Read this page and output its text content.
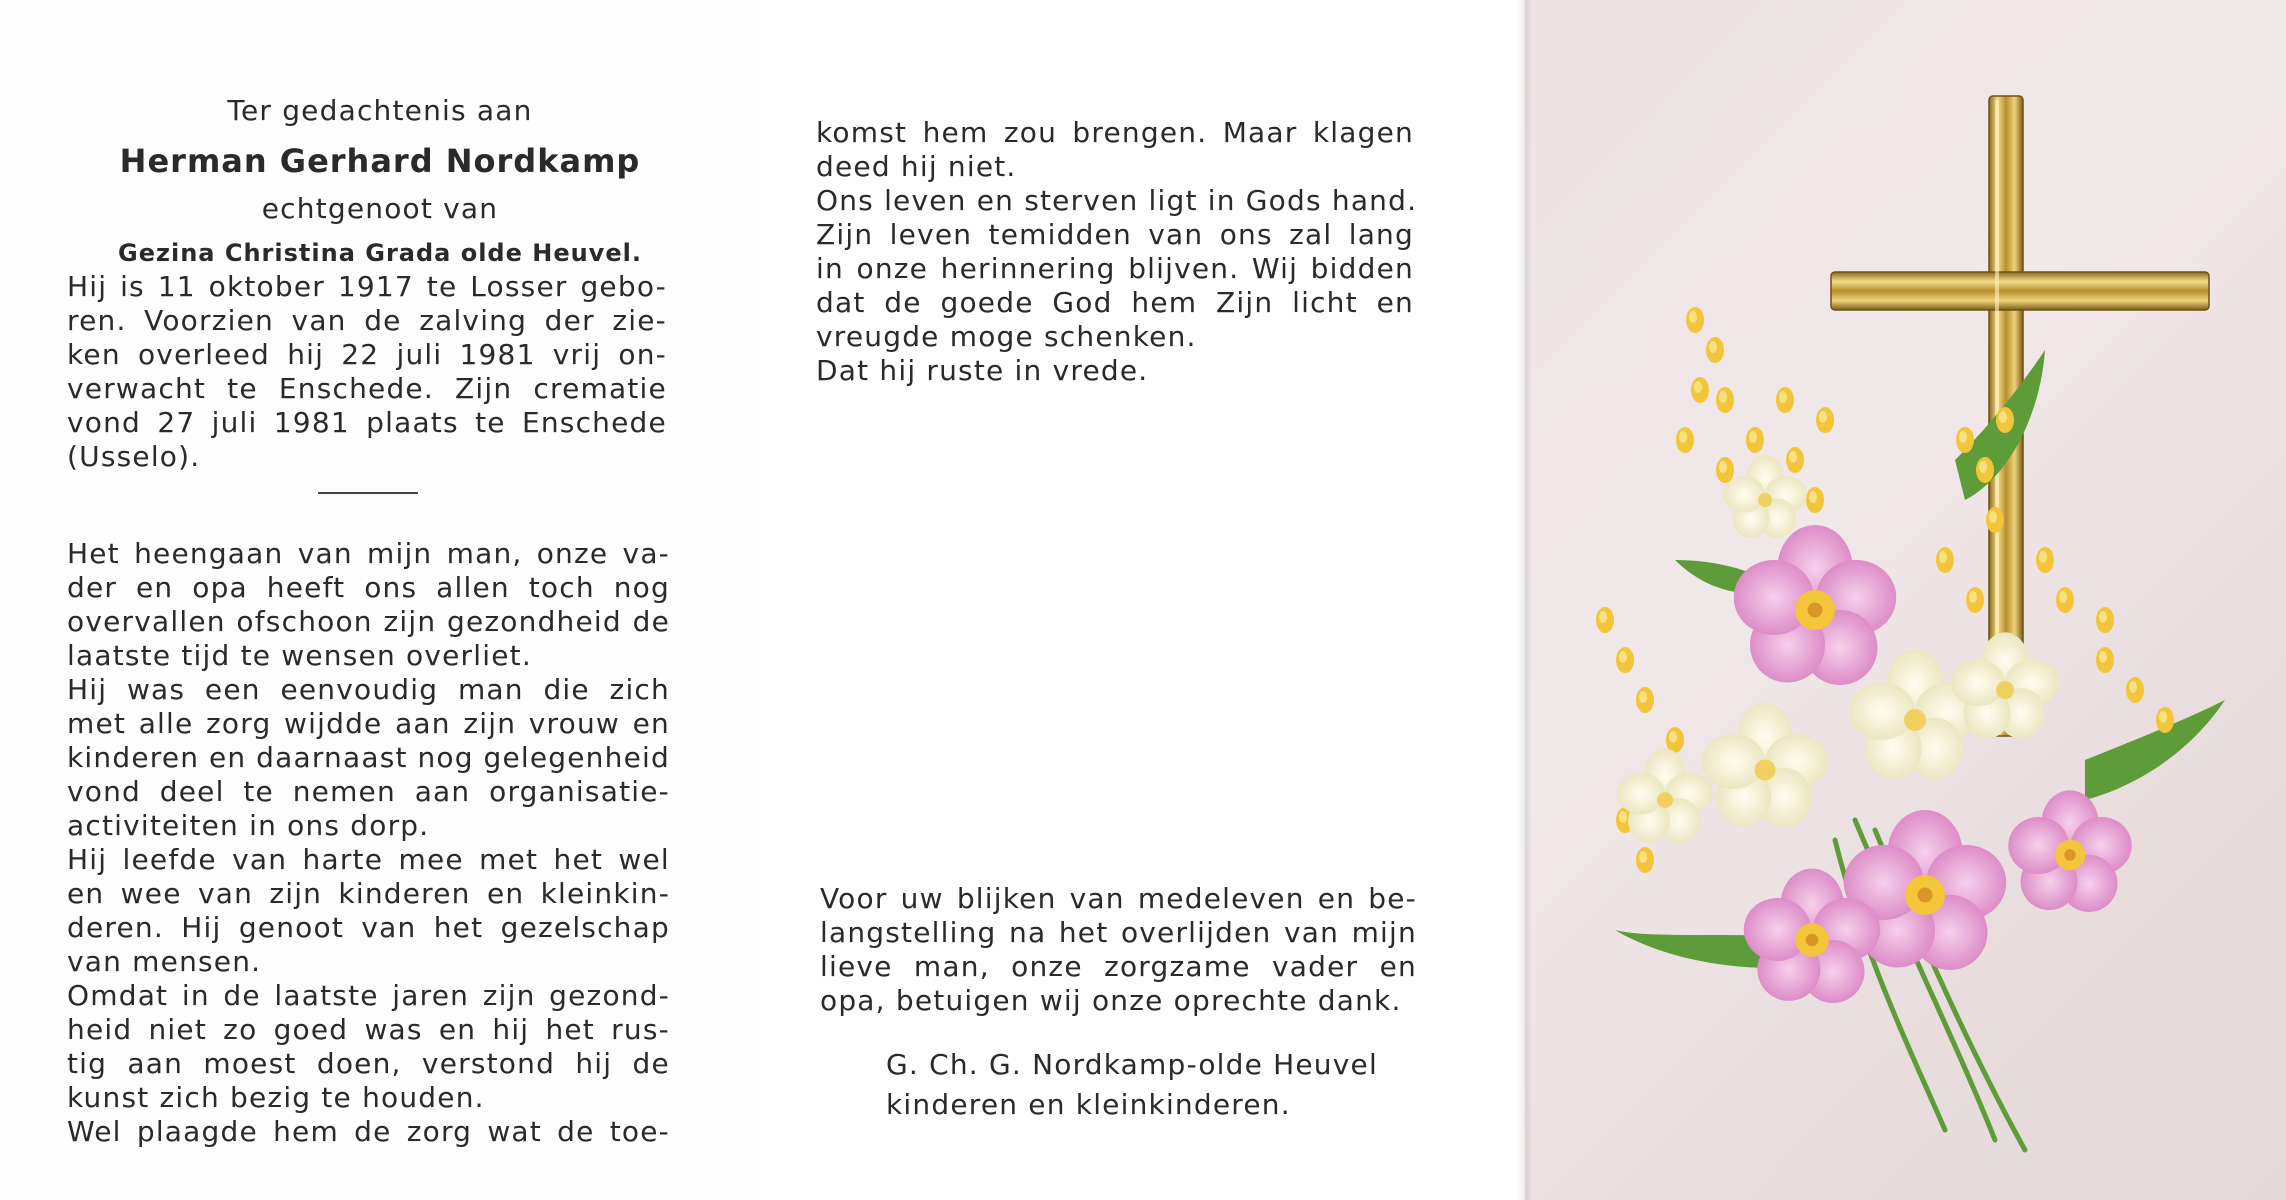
Ter gedachtenis aan
Herman Gerhard Nordkamp
echtgenoot van
Gezina Christina Grada olde Heuvel.
Hij is 11 oktober 1917 te Losser gebo-
ren. Voorzien van de zalving der zie-
ken overleed hij 22 juli 1981 vrij on-
verwacht te Enschede. Zijn crematie
vond 27 juli 1981 plaats te Enschede
(Usselo).
Het heengaan van mijn man, onze va-
der en opa heeft ons allen toch nog
overvallen ofschoon zijn gezondheid de
laatste tijd te wensen overliet.
Hij was een eenvoudig man die zich
met alle zorg wijdde aan zijn vrouw en
kinderen en daarnaast nog gelegenheid
vond deel te nemen aan organisatie-
activiteiten in ons dorp.
Hij leefde van harte mee met het wel
en wee van zijn kinderen en kleinkin-
deren. Hij genoot van het gezelschap
van mensen.
Omdat in de laatste jaren zijn gezond-
heid niet zo goed was en hij het rus-
tig aan moest doen, verstond hij de
kunst zich bezig te houden.
Wel plaagde hem de zorg wat de toe-
komst hem zou brengen. Maar klagen
deed hij niet.
Ons leven en sterven ligt in Gods hand.
Zijn leven temidden van ons zal lang
in onze herinnering blijven. Wij bidden
dat de goede God hem Zijn licht en
vreugde moge schenken.
Dat hij ruste in vrede.
Voor uw blijken van medeleven en be-
langstelling na het overlijden van mijn
lieve man, onze zorgzame vader en
opa, betuigen wij onze oprechte dank.
G. Ch. G. Nordkamp-olde Heuvel
kinderen en kleinkinderen.
